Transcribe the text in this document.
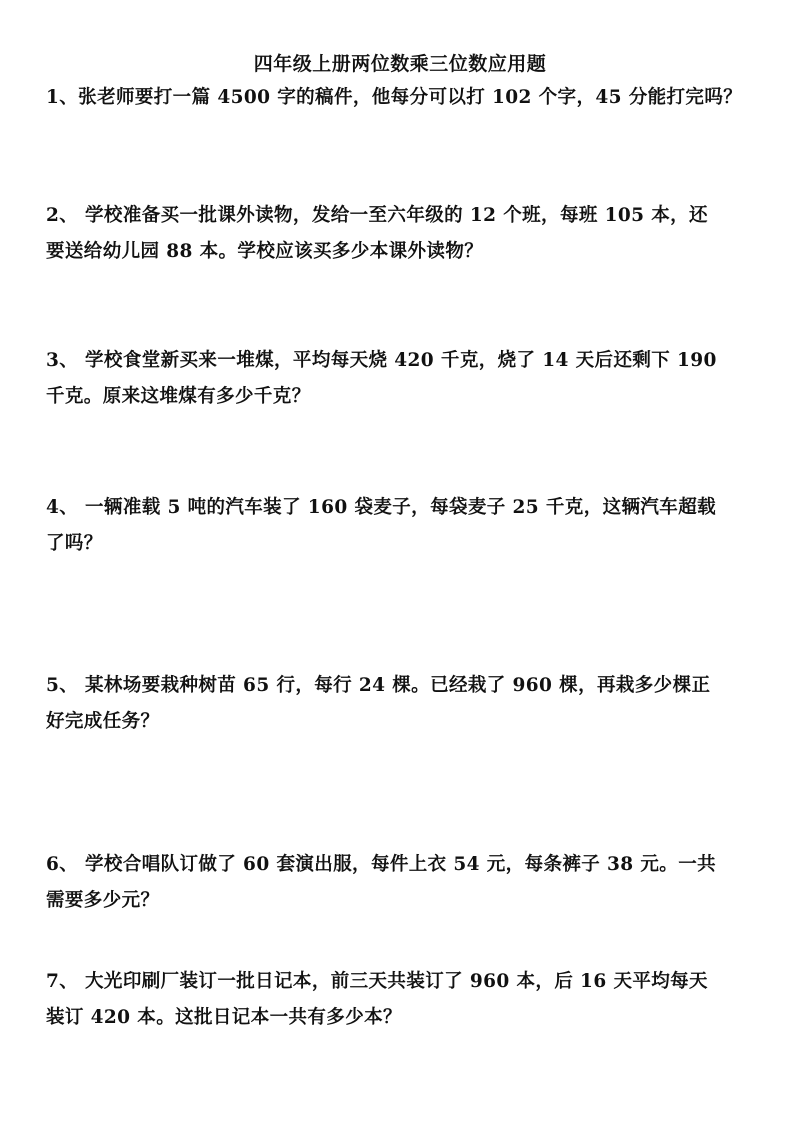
四年级上册两位数乘三位数应用题
1、张老师要打一篇 4500 字的稿件，他每分可以打 102 个字，45 分能打完吗？
2、 学校准备买一批课外读物，发给一至六年级的 12 个班，每班 105 本，还
要送给幼儿园 88 本。学校应该买多少本课外读物？
3、 学校食堂新买来一堆煤，平均每天烧 420 千克，烧了 14 天后还剩下 190
千克。原来这堆煤有多少千克？
4、 一辆准载 5 吨的汽车装了 160 袋麦子，每袋麦子 25 千克，这辆汽车超载
了吗？
5、 某林场要栽种树苗 65 行，每行 24 棵。已经栽了 960 棵，再栽多少棵正
好完成任务？
6、 学校合唱队订做了 60 套演出服，每件上衣 54 元，每条裤子 38 元。一共
需要多少元？
7、 大光印刷厂装订一批日记本，前三天共装订了 960 本，后 16 天平均每天
装订 420 本。这批日记本一共有多少本？
